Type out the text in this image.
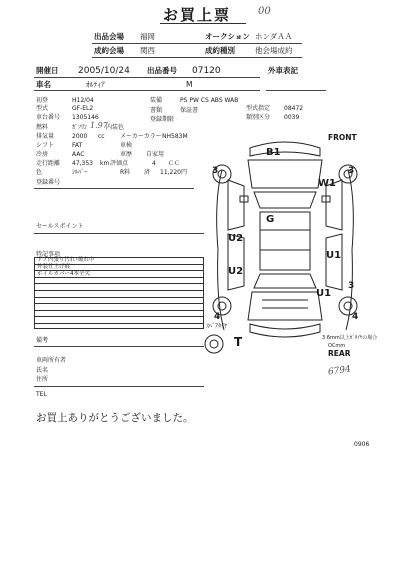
お買上票	00
出品会場 福岡	オークション ホンダＡＡ
成約会場 関西	成約種別	他会場成約
開催日 2005/10/24 出品番号 07120	外車表記
車名	ｵﾙﾃｨｱ	M
初登	H12/04	装備	PS PW CS ABS WAB
型式	GF-EL2	型式指定 08472
書類	保証書
車台番号 1305146	類別区分 0039
登録期限
燃料	ｶﾞｿﾘﾝ 1.97
内装色
排気量	2000 cc	メーカーカラー NH583M
シフト	FAT	車検
冷房	AAC	車歴 自家用
走行距離 47,353 km 評価点	4 ＣＣ
色	ｼﾙﾊﾞｰ	R料 済 11,220円
登録番号
セールスポイント
特記事項
ドア内張り汚れ･破れ中
外装仕上げ痕
ホイルカバー4本全欠
備考
車両所有者
氏名
住所
TEL
6794
お買上ありがとうございました。
0906
FRONT
B1
W1
G
U2
U1
U2
U1
3	3
3
4	4
T
ｽﾍﾟｱﾀｲﾔ
3 6mm以上ｶﾞﾀｲﾔの場合
OCmm
REAR
